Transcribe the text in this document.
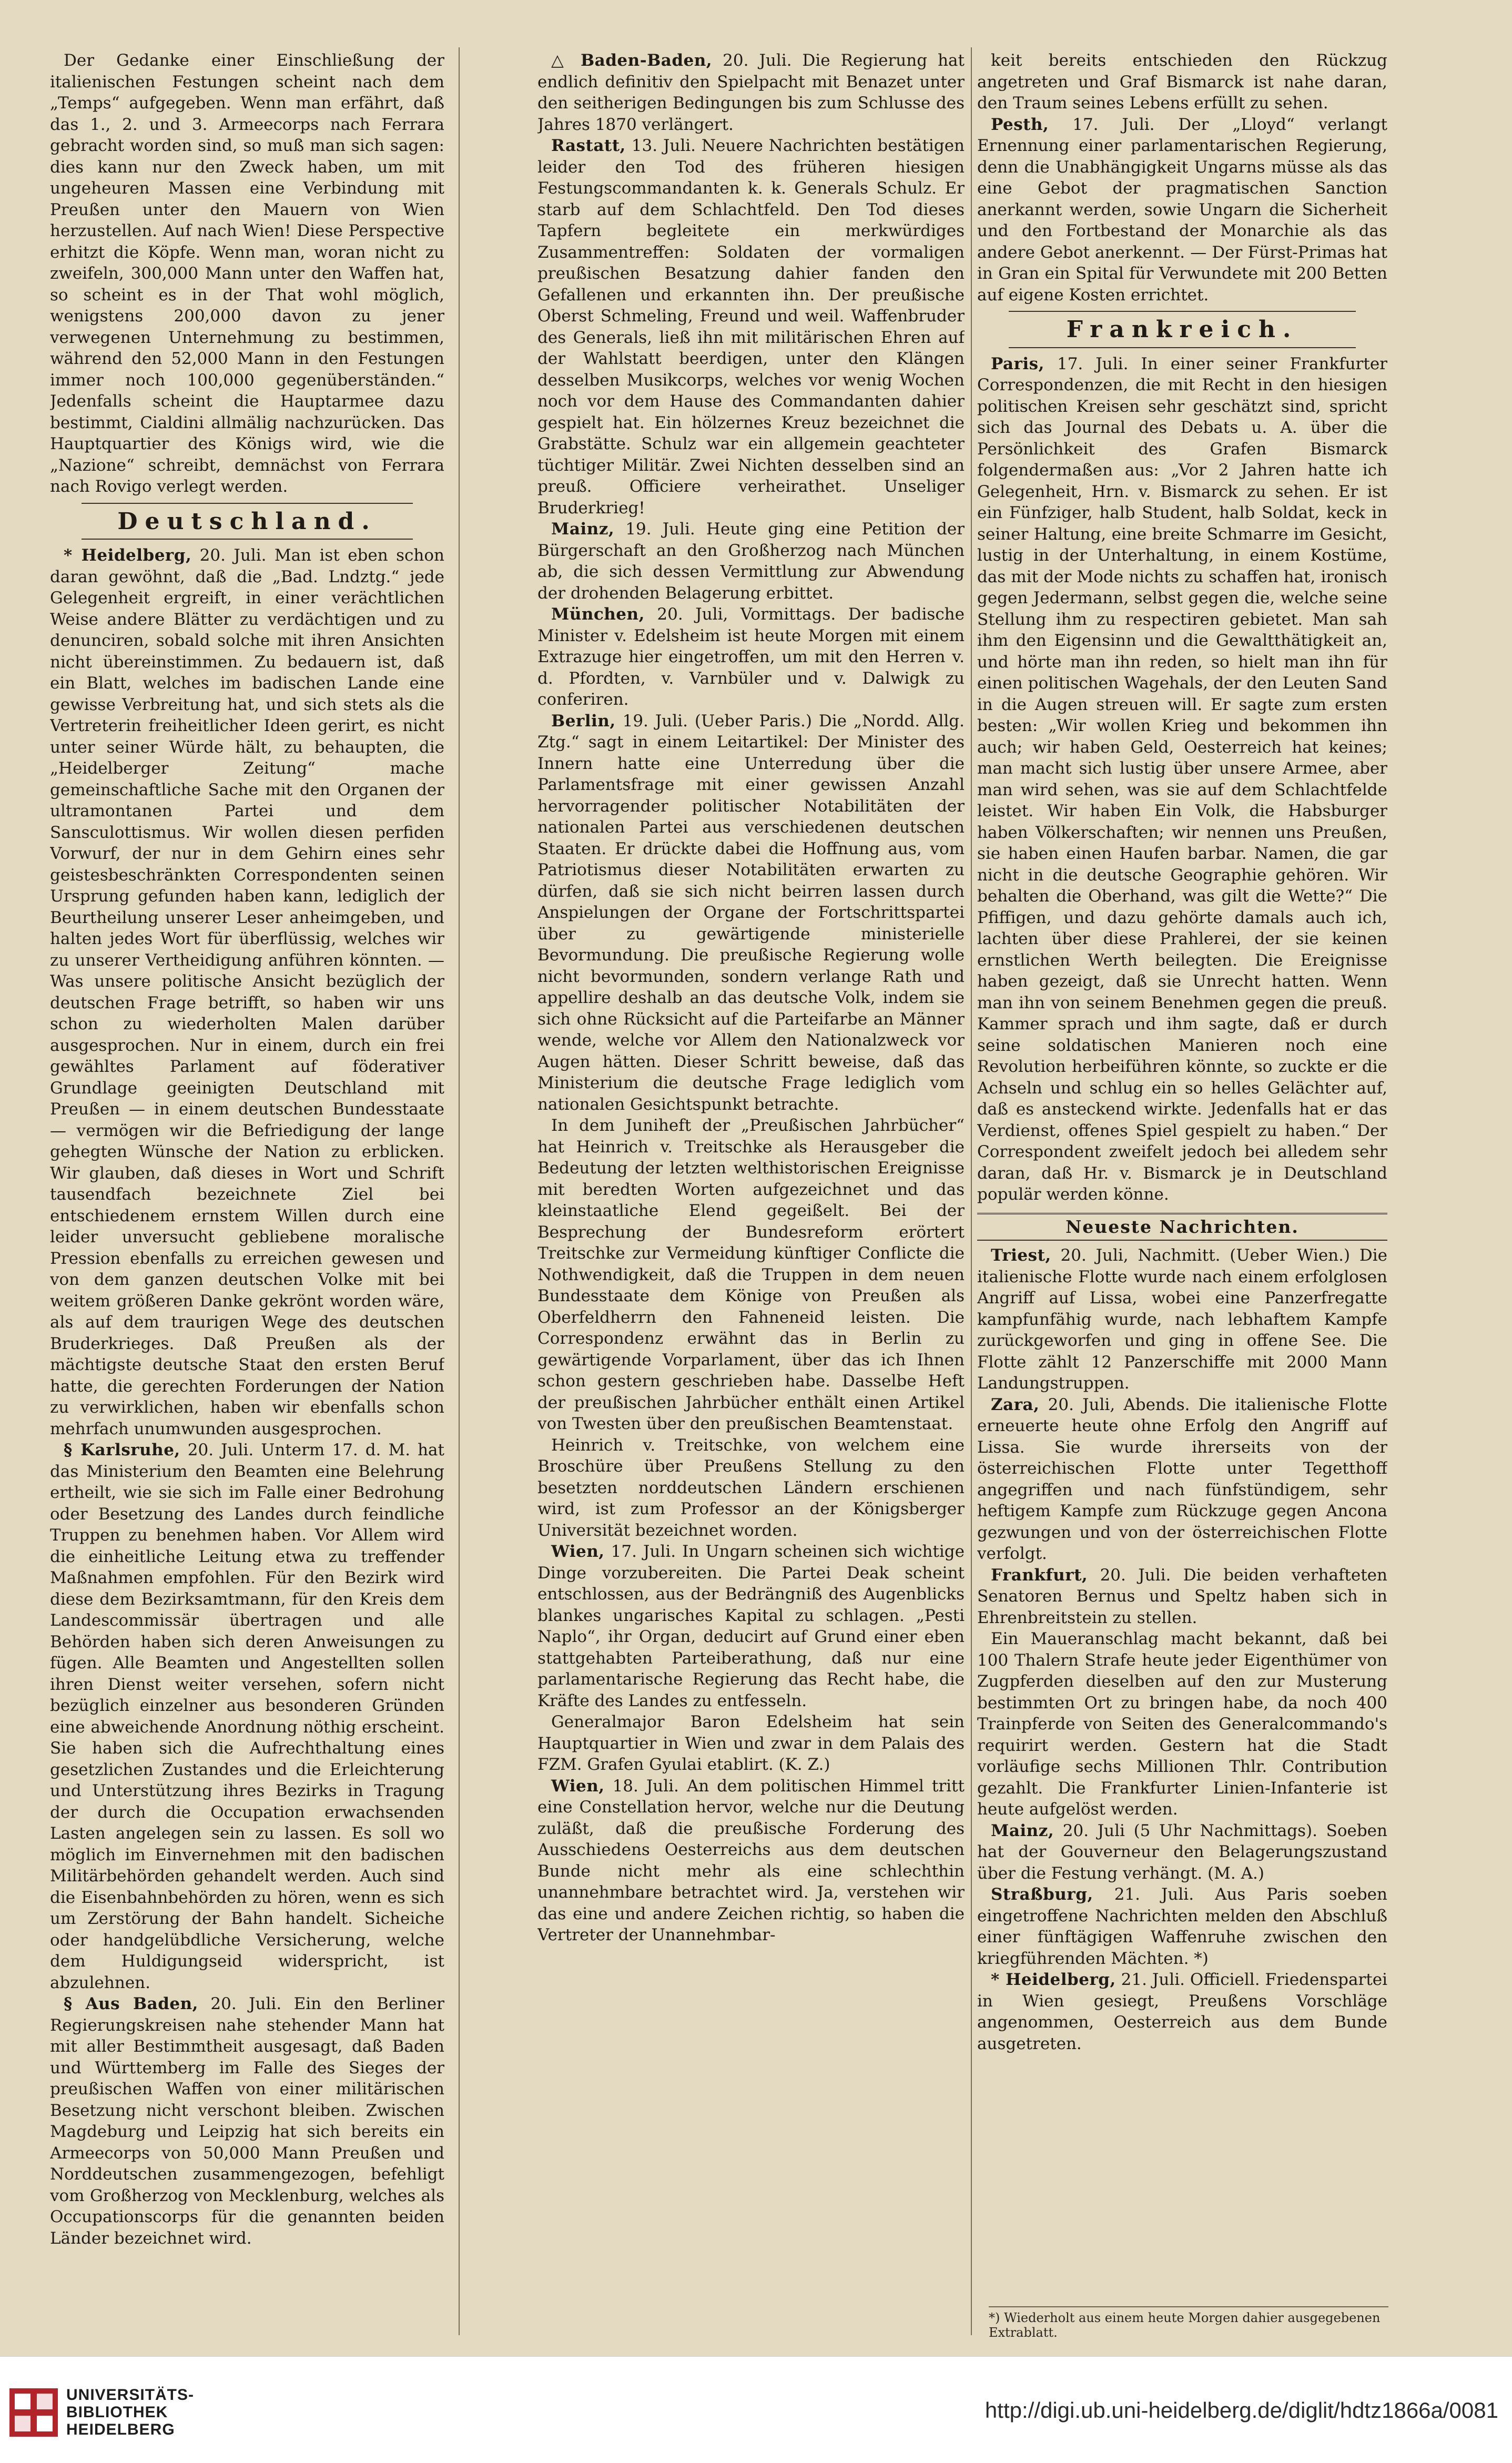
Der Gedanke einer Einschließung der italienischen Festungen scheint nach dem „Temps“ aufgegeben. Wenn man erfährt, daß das 1., 2. und 3. Armeecorps nach Ferrara gebracht worden sind, so muß man sich sagen: dies kann nur den Zweck haben, um mit ungeheuren Massen eine Verbindung mit Preußen unter den Mauern von Wien herzustellen. Auf nach Wien! Diese Perspective erhitzt die Köpfe. Wenn man, woran nicht zu zweifeln, 300,000 Mann unter den Waffen hat, so scheint es in der That wohl möglich, wenigstens 200,000 davon zu jener verwegenen Unternehmung zu bestimmen, während den 52,000 Mann in den Festungen immer noch 100,000 gegenüberständen.“ Jedenfalls scheint die Hauptarmee dazu bestimmt, Cialdini allmälig nachzurücken. Das Hauptquartier des Königs wird, wie die „Nazione“ schreibt, demnächst von Ferrara nach Rovigo verlegt werden.

Deutschland.

* Heidelberg, 20. Juli. Man ist eben schon daran gewöhnt, daß die „Bad. Lndztg.“ jede Gelegenheit ergreift, in einer verächtlichen Weise andere Blätter zu verdächtigen und zu denunciren, sobald solche mit ihren Ansichten nicht übereinstimmen. Zu bedauern ist, daß ein Blatt, welches im badischen Lande eine gewisse Verbreitung hat, und sich stets als die Vertreterin freiheitlicher Ideen gerirt, es nicht unter seiner Würde hält, zu behaupten, die „Heidelberger Zeitung“ mache gemeinschaftliche Sache mit den Organen der ultramontanen Partei und dem Sansculottismus. Wir wollen diesen perfiden Vorwurf, der nur in dem Gehirn eines sehr geistesbeschränkten Correspondenten seinen Ursprung gefunden haben kann, lediglich der Beurtheilung unserer Leser anheimgeben, und halten jedes Wort für überflüssig, welches wir zu unserer Vertheidigung anführen könnten. — Was unsere politische Ansicht bezüglich der deutschen Frage betrifft, so haben wir uns schon zu wiederholten Malen darüber ausgesprochen. Nur in einem, durch ein frei gewähltes Parlament auf föderativer Grundlage geeinigten Deutschland mit Preußen — in einem deutschen Bundesstaate — vermögen wir die Befriedigung der lange gehegten Wünsche der Nation zu erblicken. Wir glauben, daß dieses in Wort und Schrift tausendfach bezeichnete Ziel bei entschiedenem ernstem Willen durch eine leider unversucht gebliebene moralische Pression ebenfalls zu erreichen gewesen und von dem ganzen deutschen Volke mit bei weitem größeren Danke gekrönt worden wäre, als auf dem traurigen Wege des deutschen Bruderkrieges. Daß Preußen als der mächtigste deutsche Staat den ersten Beruf hatte, die gerechten Forderungen der Nation zu verwirklichen, haben wir ebenfalls schon mehrfach unumwunden ausgesprochen.

§ Karlsruhe, 20. Juli. Unterm 17. d. M. hat das Ministerium den Beamten eine Belehrung ertheilt, wie sie sich im Falle einer Bedrohung oder Besetzung des Landes durch feindliche Truppen zu benehmen haben. Vor Allem wird die einheitliche Leitung etwa zu treffender Maßnahmen empfohlen. Für den Bezirk wird diese dem Bezirksamtmann, für den Kreis dem Landescommissär übertragen und alle Behörden haben sich deren Anweisungen zu fügen. Alle Beamten und Angestellten sollen ihren Dienst weiter versehen, sofern nicht bezüglich einzelner aus besonderen Gründen eine abweichende Anordnung nöthig erscheint. Sie haben sich die Aufrechthaltung eines gesetzlichen Zustandes und die Erleichterung und Unterstützung ihres Bezirks in Tragung der durch die Occupation erwachsenden Lasten angelegen sein zu lassen. Es soll wo möglich im Einvernehmen mit den badischen Militärbehörden gehandelt werden. Auch sind die Eisenbahnbehörden zu hören, wenn es sich um Zerstörung der Bahn handelt. Sicheiche oder handgelübdliche Versicherung, welche dem Huldigungseid widerspricht, ist abzulehnen.

§ Aus Baden, 20. Juli. Ein den Berliner Regierungskreisen nahe stehender Mann hat mit aller Bestimmtheit ausgesagt, daß Baden und Württemberg im Falle des Sieges der preußischen Waffen von einer militärischen Besetzung nicht verschont bleiben. Zwischen Magdeburg und Leipzig hat sich bereits ein Armeecorps von 50,000 Mann Preußen und Norddeutschen zusammengezogen, befehligt vom Großherzog von Mecklenburg, welches als Occupationscorps für die genannten beiden Länder bezeichnet wird.

△ Baden-Baden, 20. Juli. Die Regierung hat endlich definitiv den Spielpacht mit Benazet unter den seitherigen Bedingungen bis zum Schlusse des Jahres 1870 verlängert.

Rastatt, 13. Juli. Neuere Nachrichten bestätigen leider den Tod des früheren hiesigen Festungscommandanten k. k. Generals Schulz. Er starb auf dem Schlachtfeld. Den Tod dieses Tapfern begleitete ein merkwürdiges Zusammentreffen: Soldaten der vormaligen preußischen Besatzung dahier fanden den Gefallenen und erkannten ihn. Der preußische Oberst Schmeling, Freund und weil. Waffenbruder des Generals, ließ ihn mit militärischen Ehren auf der Wahlstatt beerdigen, unter den Klängen desselben Musikcorps, welches vor wenig Wochen noch vor dem Hause des Commandanten dahier gespielt hat. Ein hölzernes Kreuz bezeichnet die Grabstätte. Schulz war ein allgemein geachteter tüchtiger Militär. Zwei Nichten desselben sind an preuß. Officiere verheirathet. Unseliger Bruderkrieg!

Mainz, 19. Juli. Heute ging eine Petition der Bürgerschaft an den Großherzog nach München ab, die sich dessen Vermittlung zur Abwendung der drohenden Belagerung erbittet.

München, 20. Juli, Vormittags. Der badische Minister v. Edelsheim ist heute Morgen mit einem Extrazuge hier eingetroffen, um mit den Herren v. d. Pfordten, v. Varnbüler und v. Dalwigk zu conferiren.

Berlin, 19. Juli. (Ueber Paris.) Die „Nordd. Allg. Ztg.“ sagt in einem Leitartikel: Der Minister des Innern hatte eine Unterredung über die Parlamentsfrage mit einer gewissen Anzahl hervorragender politischer Notabilitäten der nationalen Partei aus verschiedenen deutschen Staaten. Er drückte dabei die Hoffnung aus, vom Patriotismus dieser Notabilitäten erwarten zu dürfen, daß sie sich nicht beirren lassen durch Anspielungen der Organe der Fortschrittspartei über zu gewärtigende ministerielle Bevormundung. Die preußische Regierung wolle nicht bevormunden, sondern verlange Rath und appellire deshalb an das deutsche Volk, indem sie sich ohne Rücksicht auf die Parteifarbe an Männer wende, welche vor Allem den Nationalzweck vor Augen hätten. Dieser Schritt beweise, daß das Ministerium die deutsche Frage lediglich vom nationalen Gesichtspunkt betrachte.

In dem Juniheft der „Preußischen Jahrbücher“ hat Heinrich v. Treitschke als Herausgeber die Bedeutung der letzten welthistorischen Ereignisse mit beredten Worten aufgezeichnet und das kleinstaatliche Elend gegeißelt. Bei der Besprechung der Bundesreform erörtert Treitschke zur Vermeidung künftiger Conflicte die Nothwendigkeit, daß die Truppen in dem neuen Bundesstaate dem Könige von Preußen als Oberfeldherrn den Fahneneid leisten. Die Correspondenz erwähnt das in Berlin zu gewärtigende Vorparlament, über das ich Ihnen schon gestern geschrieben habe. Dasselbe Heft der preußischen Jahrbücher enthält einen Artikel von Twesten über den preußischen Beamtenstaat.

Heinrich v. Treitschke, von welchem eine Broschüre über Preußens Stellung zu den besetzten norddeutschen Ländern erschienen wird, ist zum Professor an der Königsberger Universität bezeichnet worden.

Wien, 17. Juli. In Ungarn scheinen sich wichtige Dinge vorzubereiten. Die Partei Deak scheint entschlossen, aus der Bedrängniß des Augenblicks blankes ungarisches Kapital zu schlagen. „Pesti Naplo“, ihr Organ, deducirt auf Grund einer eben stattgehabten Parteiberathung, daß nur eine parlamentarische Regierung das Recht habe, die Kräfte des Landes zu entfesseln.

Generalmajor Baron Edelsheim hat sein Hauptquartier in Wien und zwar in dem Palais des FZM. Grafen Gyulai etablirt. (K. Z.)

Wien, 18. Juli. An dem politischen Himmel tritt eine Constellation hervor, welche nur die Deutung zuläßt, daß die preußische Forderung des Ausschiedens Oesterreichs aus dem deutschen Bunde nicht mehr als eine schlechthin unannehmbare betrachtet wird. Ja, verstehen wir das eine und andere Zeichen richtig, so haben die Vertreter der Unannehmbar-

keit bereits entschieden den Rückzug angetreten und Graf Bismarck ist nahe daran, den Traum seines Lebens erfüllt zu sehen.

Pesth, 17. Juli. Der „Lloyd“ verlangt Ernennung einer parlamentarischen Regierung, denn die Unabhängigkeit Ungarns müsse als das eine Gebot der pragmatischen Sanction anerkannt werden, sowie Ungarn die Sicherheit und den Fortbestand der Monarchie als das andere Gebot anerkennt. — Der Fürst-Primas hat in Gran ein Spital für Verwundete mit 200 Betten auf eigene Kosten errichtet.

Frankreich.

Paris, 17. Juli. In einer seiner Frankfurter Correspondenzen, die mit Recht in den hiesigen politischen Kreisen sehr geschätzt sind, spricht sich das Journal des Debats u. A. über die Persönlichkeit des Grafen Bismarck folgendermaßen aus: „Vor 2 Jahren hatte ich Gelegenheit, Hrn. v. Bismarck zu sehen. Er ist ein Fünfziger, halb Student, halb Soldat, keck in seiner Haltung, eine breite Schmarre im Gesicht, lustig in der Unterhaltung, in einem Kostüme, das mit der Mode nichts zu schaffen hat, ironisch gegen Jedermann, selbst gegen die, welche seine Stellung ihm zu respectiren gebietet. Man sah ihm den Eigensinn und die Gewaltthätigkeit an, und hörte man ihn reden, so hielt man ihn für einen politischen Wagehals, der den Leuten Sand in die Augen streuen will. Er sagte zum ersten besten: „Wir wollen Krieg und bekommen ihn auch; wir haben Geld, Oesterreich hat keines; man macht sich lustig über unsere Armee, aber man wird sehen, was sie auf dem Schlachtfelde leistet. Wir haben Ein Volk, die Habsburger haben Völkerschaften; wir nennen uns Preußen, sie haben einen Haufen barbar. Namen, die gar nicht in die deutsche Geographie gehören. Wir behalten die Oberhand, was gilt die Wette?“ Die Pfiffigen, und dazu gehörte damals auch ich, lachten über diese Prahlerei, der sie keinen ernstlichen Werth beilegten. Die Ereignisse haben gezeigt, daß sie Unrecht hatten. Wenn man ihn von seinem Benehmen gegen die preuß. Kammer sprach und ihm sagte, daß er durch seine soldatischen Manieren noch eine Revolution herbeiführen könnte, so zuckte er die Achseln und schlug ein so helles Gelächter auf, daß es ansteckend wirkte. Jedenfalls hat er das Verdienst, offenes Spiel gespielt zu haben.“ Der Correspondent zweifelt jedoch bei alledem sehr daran, daß Hr. v. Bismarck je in Deutschland populär werden könne.

Neueste Nachrichten.

Triest, 20. Juli, Nachmitt. (Ueber Wien.) Die italienische Flotte wurde nach einem erfolglosen Angriff auf Lissa, wobei eine Panzerfregatte kampfunfähig wurde, nach lebhaftem Kampfe zurückgeworfen und ging in offene See. Die Flotte zählt 12 Panzerschiffe mit 2000 Mann Landungstruppen.

Zara, 20. Juli, Abends. Die italienische Flotte erneuerte heute ohne Erfolg den Angriff auf Lissa. Sie wurde ihrerseits von der österreichischen Flotte unter Tegetthoff angegriffen und nach fünfstündigem, sehr heftigem Kampfe zum Rückzuge gegen Ancona gezwungen und von der österreichischen Flotte verfolgt.

Frankfurt, 20. Juli. Die beiden verhafteten Senatoren Bernus und Speltz haben sich in Ehrenbreitstein zu stellen.

Ein Maueranschlag macht bekannt, daß bei 100 Thalern Strafe heute jeder Eigenthümer von Zugpferden dieselben auf den zur Musterung bestimmten Ort zu bringen habe, da noch 400 Trainpferde von Seiten des Generalcommando's requirirt werden. Gestern hat die Stadt vorläufige sechs Millionen Thlr. Contribution gezahlt. Die Frankfurter Linien-Infanterie ist heute aufgelöst werden.

Mainz, 20. Juli (5 Uhr Nachmittags). Soeben hat der Gouverneur den Belagerungszustand über die Festung verhängt. (M. A.)

Straßburg, 21. Juli. Aus Paris soeben eingetroffene Nachrichten melden den Abschluß einer fünftägigen Waffenruhe zwischen den kriegführenden Mächten. *)

* Heidelberg, 21. Juli. Officiell. Friedenspartei in Wien gesiegt, Preußens Vorschläge angenommen, Oesterreich aus dem Bunde ausgetreten.

*) Wiederholt aus einem heute Morgen dahier ausgegebenen Extrablatt.
UNIVERSITÄTS-
BIBLIOTHEK
HEIDELBERG
http://digi.ub.uni-heidelberg.de/diglit/hdtz1866a/0081
